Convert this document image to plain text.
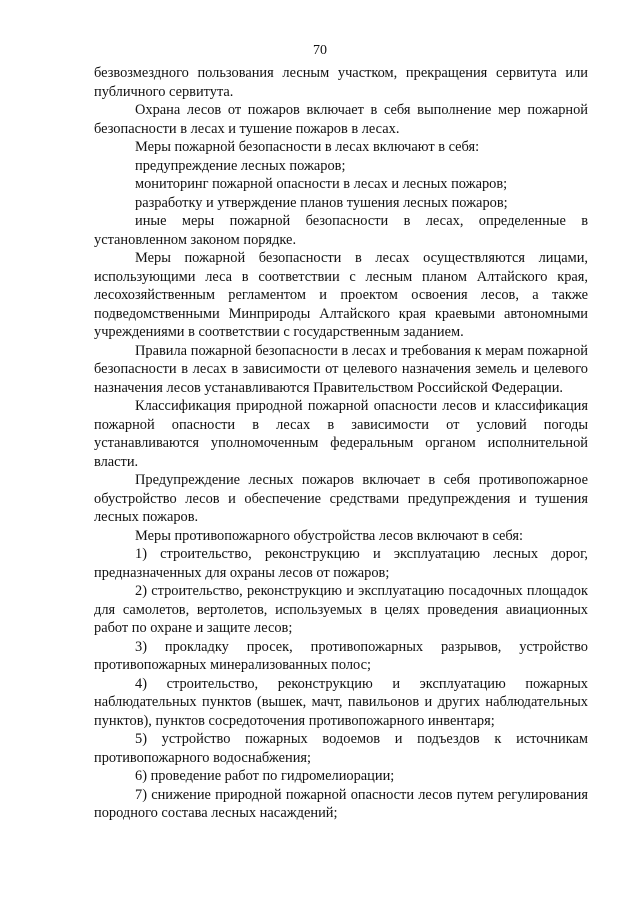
70

безвозмездного пользования лесным участком, прекращения сервитута или публичного сервитута.

Охрана лесов от пожаров включает в себя выполнение мер пожарной безопасности в лесах и тушение пожаров в лесах.

Меры пожарной безопасности в лесах включают в себя:

предупреждение лесных пожаров;

мониторинг пожарной опасности в лесах и лесных пожаров;

разработку и утверждение планов тушения лесных пожаров;

иные меры пожарной безопасности в лесах, определенные в установленном законом порядке.

Меры пожарной безопасности в лесах осуществляются лицами, использующими леса в соответствии с лесным планом Алтайского края, лесохозяйственным регламентом и проектом освоения лесов, а также подведомственными Минприроды Алтайского края краевыми автономными учреждениями в соответствии с государственным заданием.

Правила пожарной безопасности в лесах и требования к мерам пожарной безопасности в лесах в зависимости от целевого назначения земель и целевого назначения лесов устанавливаются Правительством Российской Федерации.

Классификация природной пожарной опасности лесов и классификация пожарной опасности в лесах в зависимости от условий погоды устанавливаются уполномоченным федеральным органом исполнительной власти.

Предупреждение лесных пожаров включает в себя противопожарное обустройство лесов и обеспечение средствами предупреждения и тушения лесных пожаров.

Меры противопожарного обустройства лесов включают в себя:

1) строительство, реконструкцию и эксплуатацию лесных дорог, предназначенных для охраны лесов от пожаров;

2) строительство, реконструкцию и эксплуатацию посадочных площадок для самолетов, вертолетов, используемых в целях проведения авиационных работ по охране и защите лесов;

3) прокладку просек, противопожарных разрывов, устройство противопожарных минерализованных полос;

4) строительство, реконструкцию и эксплуатацию пожарных наблюдательных пунктов (вышек, мачт, павильонов и других наблюдательных пунктов), пунктов сосредоточения противопожарного инвентаря;

5) устройство пожарных водоемов и подъездов к источникам противопожарного водоснабжения;

6) проведение работ по гидромелиорации;

7) снижение природной пожарной опасности лесов путем регулирования породного состава лесных насаждений;
